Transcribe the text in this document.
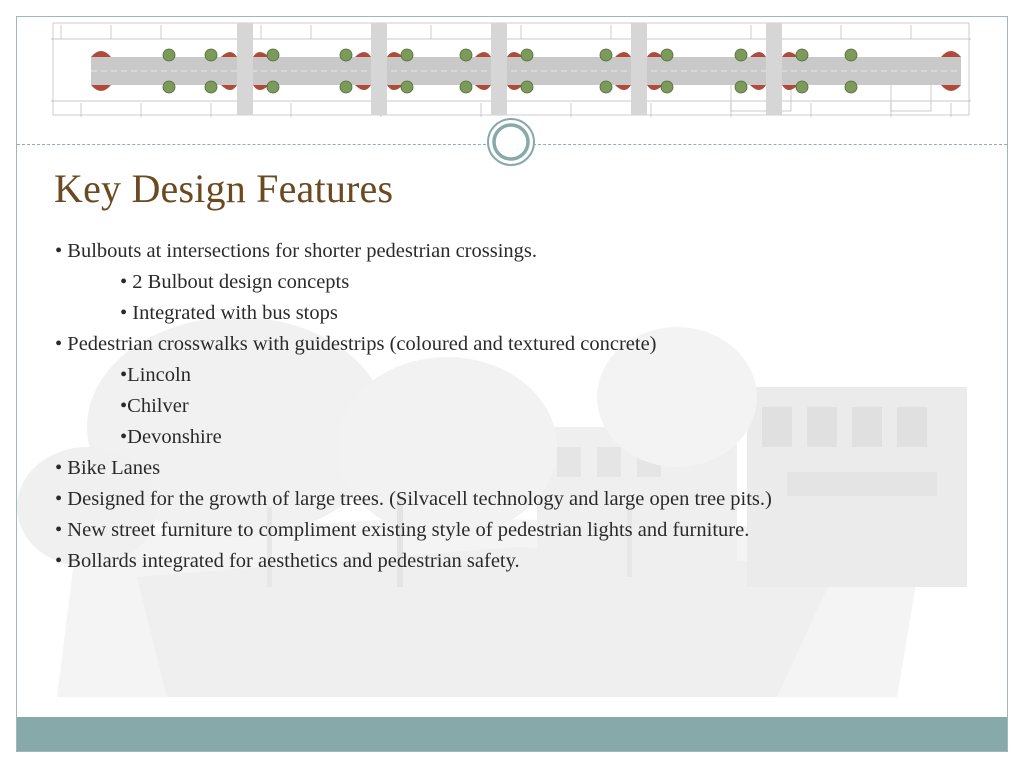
Key Design Features
• Bulbouts at intersections for shorter pedestrian crossings.
• 2 Bulbout design concepts
• Integrated with bus stops
• Pedestrian crosswalks with guidestrips (coloured and textured concrete)
•Lincoln
•Chilver
•Devonshire
• Bike Lanes
• Designed for the growth of large trees. (Silvacell technology and large open tree pits.)
• New street furniture to compliment existing style of pedestrian lights and furniture.
• Bollards integrated for aesthetics and pedestrian safety.
